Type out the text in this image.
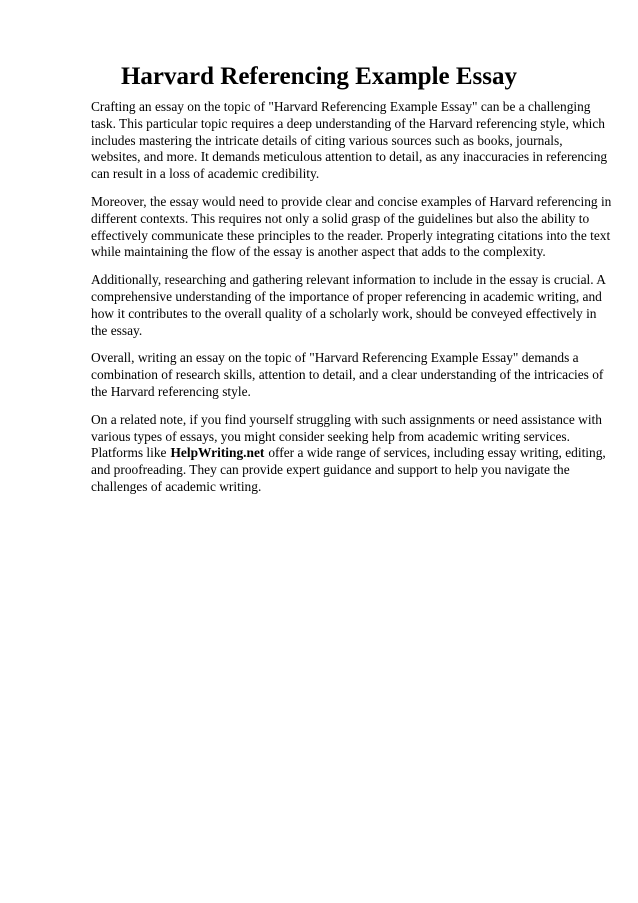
Harvard Referencing Example Essay

Crafting an essay on the topic of "Harvard Referencing Example Essay" can be a challenging
task. This particular topic requires a deep understanding of the Harvard referencing style, which
includes mastering the intricate details of citing various sources such as books, journals,
websites, and more. It demands meticulous attention to detail, as any inaccuracies in referencing
can result in a loss of academic credibility.

Moreover, the essay would need to provide clear and concise examples of Harvard referencing in
different contexts. This requires not only a solid grasp of the guidelines but also the ability to
effectively communicate these principles to the reader. Properly integrating citations into the text
while maintaining the flow of the essay is another aspect that adds to the complexity.

Additionally, researching and gathering relevant information to include in the essay is crucial. A
comprehensive understanding of the importance of proper referencing in academic writing, and
how it contributes to the overall quality of a scholarly work, should be conveyed effectively in
the essay.

Overall, writing an essay on the topic of "Harvard Referencing Example Essay" demands a
combination of research skills, attention to detail, and a clear understanding of the intricacies of
the Harvard referencing style.

On a related note, if you find yourself struggling with such assignments or need assistance with
various types of essays, you might consider seeking help from academic writing services.
Platforms like HelpWriting.net offer a wide range of services, including essay writing, editing,
and proofreading. They can provide expert guidance and support to help you navigate the
challenges of academic writing.
